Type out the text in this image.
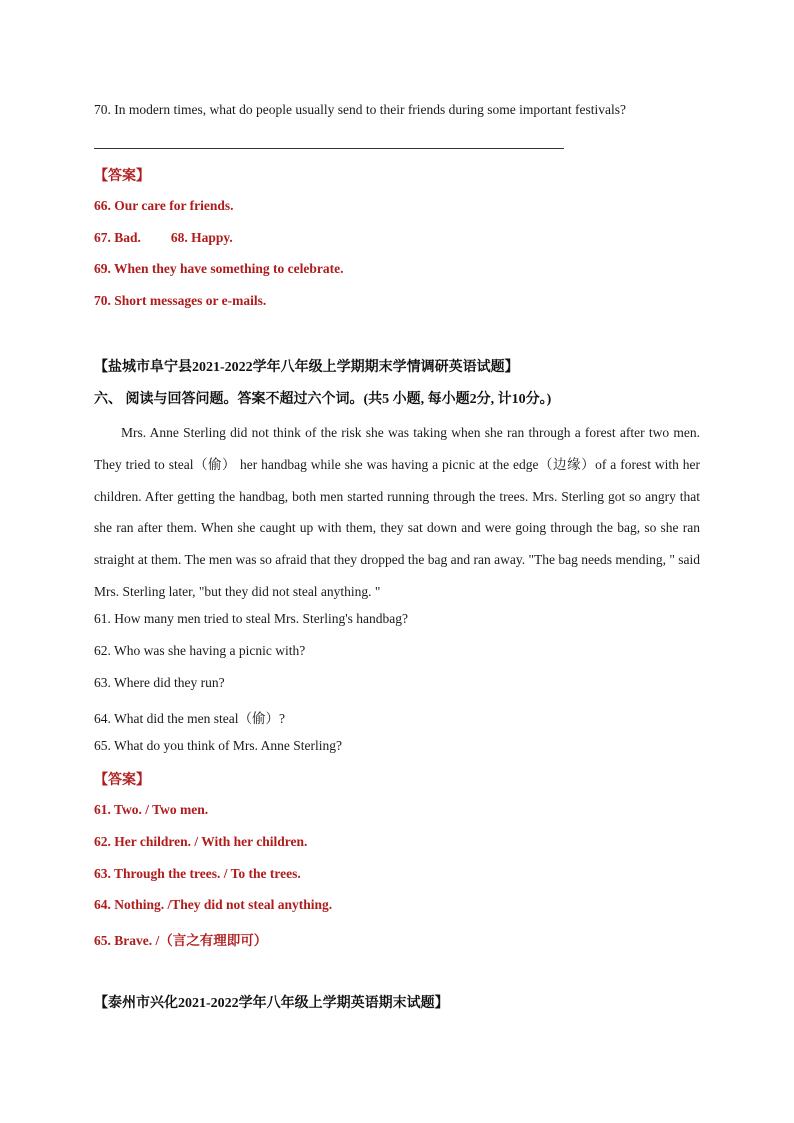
70. In modern times, what do people usually send to their friends during some important festivals?
【答案】
66. Our care for friends.
67. Bad. 68. Happy.
69. When they have something to celebrate.
70. Short messages or e-mails.
【盐城市阜宁县2021-2022学年八年级上学期期末学情调研英语试题】
六、 阅读与回答问题。答案不超过六个词。(共5 小题, 每小题2分, 计10分。)
Mrs. Anne Sterling did not think of the risk she was taking when she ran through a forest after two men. They tried to steal（偷） her handbag while she was having a picnic at the edge（边缘）of a forest with her children. After getting the handbag, both men started running through the trees. Mrs. Sterling got so angry that she ran after them. When she caught up with them, they sat down and were going through the bag, so she ran straight at them. The men was so afraid that they dropped the bag and ran away. "The bag needs mending, " said Mrs. Sterling later, "but they did not steal anything. "
61. How many men tried to steal Mrs. Sterling's handbag?
62. Who was she having a picnic with?
63. Where did they run?
64. What did the men steal（偷）?
65. What do you think of Mrs. Anne Sterling?
【答案】
61. Two. / Two men.
62. Her children. / With her children.
63. Through the trees. / To the trees.
64. Nothing. /They did not steal anything.
65. Brave. /（言之有理即可）
【泰州市兴化2021-2022学年八年级上学期英语期末试题】
